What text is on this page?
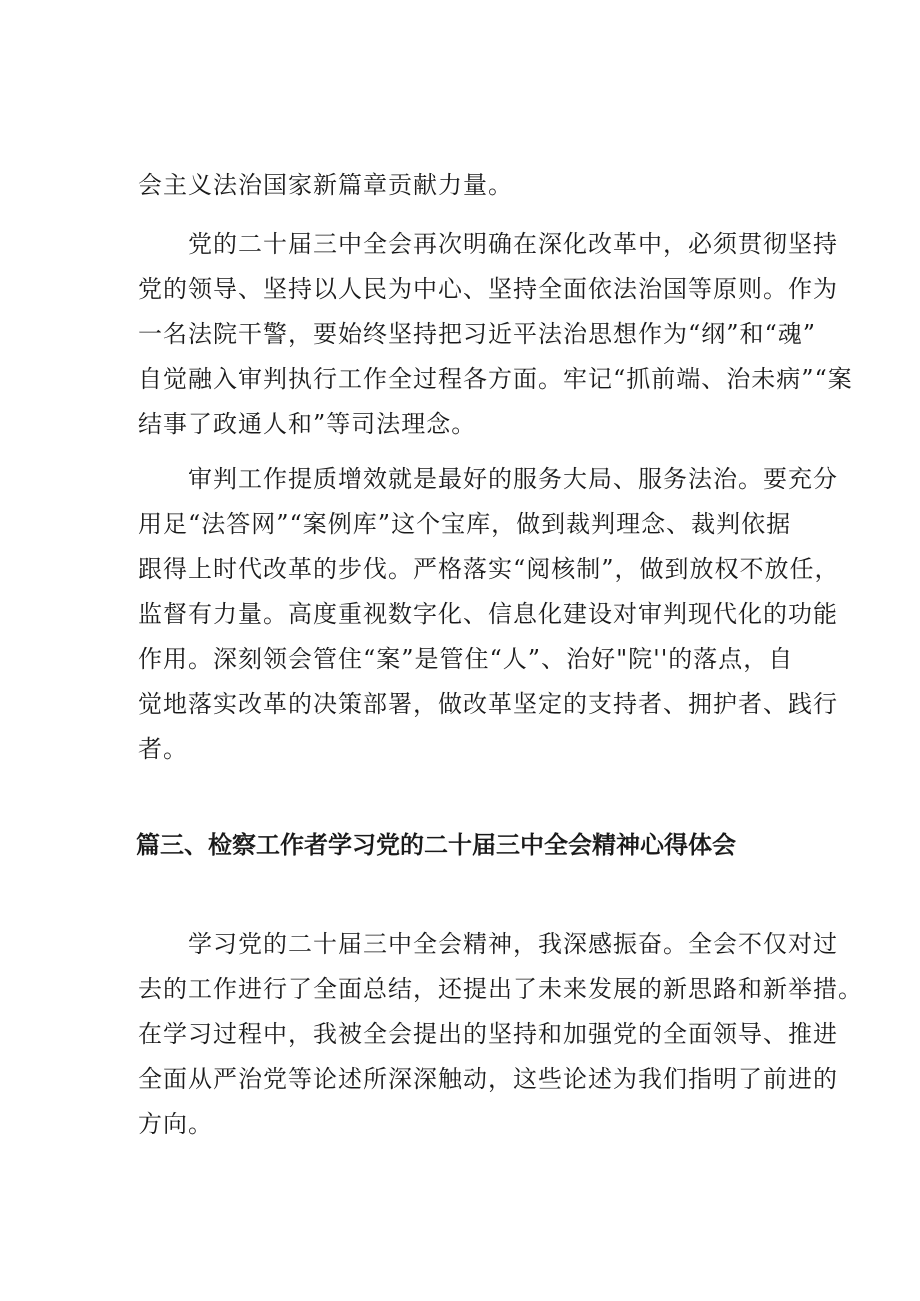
会主义法治国家新篇章贡献力量。
党的二十届三中全会再次明确在深化改革中，必须贯彻坚持
党的领导、坚持以人民为中心、坚持全面依法治国等原则。作为
一名法院干警，要始终坚持把习近平法治思想作为“纲”和“魂”
自觉融入审判执行工作全过程各方面。牢记“抓前端、治未病”“案
结事了政通人和”等司法理念。
审判工作提质增效就是最好的服务大局、服务法治。要充分
用足“法答网”“案例库”这个宝库，做到裁判理念、裁判依据
跟得上时代改革的步伐。严格落实“阅核制”，做到放权不放任，
监督有力量。高度重视数字化、信息化建设对审判现代化的功能
作用。深刻领会管住“案”是管住“人”、治好"院''的落点，自
觉地落实改革的决策部署，做改革坚定的支持者、拥护者、践行
者。
篇三、检察工作者学习党的二十届三中全会精神心得体会
学习党的二十届三中全会精神，我深感振奋。全会不仅对过
去的工作进行了全面总结，还提出了未来发展的新思路和新举措。
在学习过程中，我被全会提出的坚持和加强党的全面领导、推进
全面从严治党等论述所深深触动，这些论述为我们指明了前进的
方向。
